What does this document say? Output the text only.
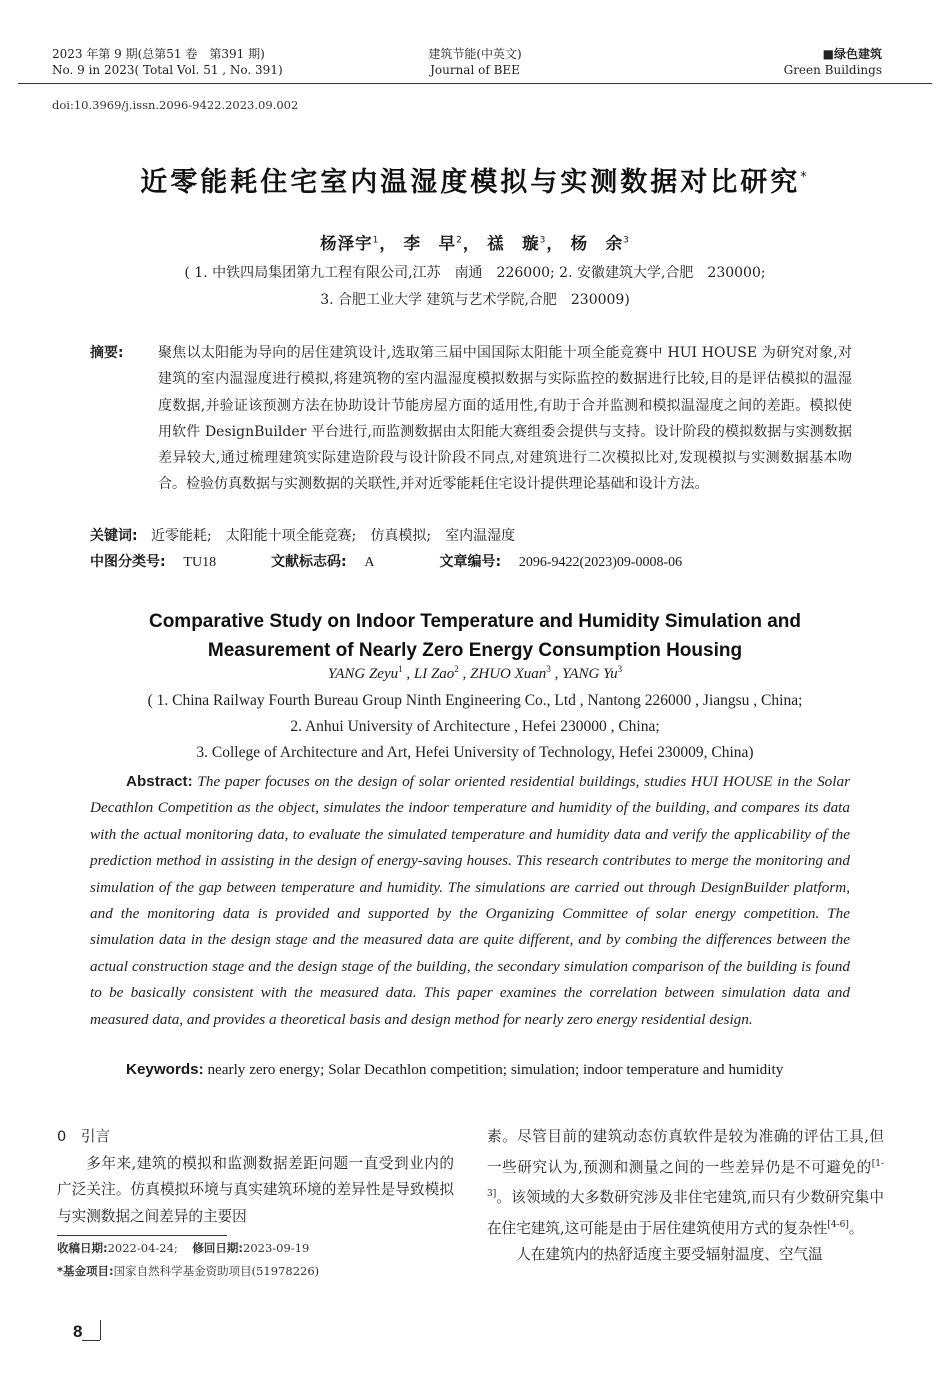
2023 年第 9 期(总第51 卷　第391 期)
No. 9 in 2023( Total Vol. 51 , No. 391)
建筑节能(中英文)
Journal of BEE
■绿色建筑
Green Buildings
doi:10.3969/j.issn.2096-9422.2023.09.002
近零能耗住宅室内温湿度模拟与实测数据对比研究*
杨泽宇$^1$， 李　早$^2$， 禚　璇$^3$， 杨　余$^3$
( 1. 中铁四局集团第九工程有限公司,江苏　南通　226000; 2. 安徽建筑大学,合肥　230000;
3. 合肥工业大学 建筑与艺术学院,合肥　230009)
摘要: 聚焦以太阳能为导向的居住建筑设计,选取第三届中国国际太阳能十项全能竞赛中 HUI HOUSE 为研究对象,对建筑的室内温湿度进行模拟,将建筑物的室内温湿度模拟数据与实际监控的数据进行比较,目的是评估模拟的温湿度数据,并验证该预测方法在协助设计节能房屋方面的适用性,有助于合并监测和模拟温湿度之间的差距。模拟使用软件 DesignBuilder 平台进行,而监测数据由太阳能大赛组委会提供与支持。设计阶段的模拟数据与实测数据差异较大,通过梳理建筑实际建造阶段与设计阶段不同点,对建筑进行二次模拟比对,发现模拟与实测数据基本吻合。检验仿真数据与实测数据的关联性,并对近零能耗住宅设计提供理论基础和设计方法。
关键词: 近零能耗;　太阳能十项全能竞赛;　仿真模拟;　室内温湿度
中图分类号: TU18	文献标志码: A	文章编号: 2096-9422(2023)09-0008-06
Comparative Study on Indoor Temperature and Humidity Simulation and
Measurement of Nearly Zero Energy Consumption Housing
YANG Zeyu$^1$ , LI Zao$^2$ , ZHUO Xuan$^3$ , YANG Yu$^3$
( 1. China Railway Fourth Bureau Group Ninth Engineering Co., Ltd , Nantong 226000 , Jiangsu , China;
2. Anhui University of Architecture , Hefei 230000 , China;
3. College of Architecture and Art, Hefei University of Technology, Hefei 230009, China)
Abstract: The paper focuses on the design of solar oriented residential buildings, studies HUI HOUSE in the Solar Decathlon Competition as the object, simulates the indoor temperature and humidity of the building, and compares its data with the actual monitoring data, to evaluate the simulated temperature and humidity data and verify the applicability of the prediction method in assisting in the design of energy-saving houses. This research contributes to merge the monitoring and simulation of the gap between temperature and humidity. The simulations are carried out through DesignBuilder platform, and the monitoring data is provided and supported by the Organizing Committee of solar energy competition. The simulation data in the design stage and the measured data are quite different, and by combing the differences between the actual construction stage and the design stage of the building, the secondary simulation comparison of the building is found to be basically consistent with the measured data. This paper examines the correlation between simulation data and measured data, and provides a theoretical basis and design method for nearly zero energy residential design.
Keywords: nearly zero energy; Solar Decathlon competition; simulation; indoor temperature and humidity
0　引言
多年来,建筑的模拟和监测数据差距问题一直受到业内的广泛关注。仿真模拟环境与真实建筑环境的差异性是导致模拟与实测数据之间差异的主要因
素。尽管目前的建筑动态仿真软件是较为准确的评估工具,但一些研究认为,预测和测量之间的一些差异仍是不可避免的[1-3]。该领域的大多数研究涉及非住宅建筑,而只有少数研究集中在住宅建筑,这可能是由于居住建筑使用方式的复杂性[4-6]。
人在建筑内的热舒适度主要受辐射温度、空气温
收稿日期:2022-04-24; 修回日期:2023-09-19
*基金项目:国家自然科学基金资助项目(51978226)
8
